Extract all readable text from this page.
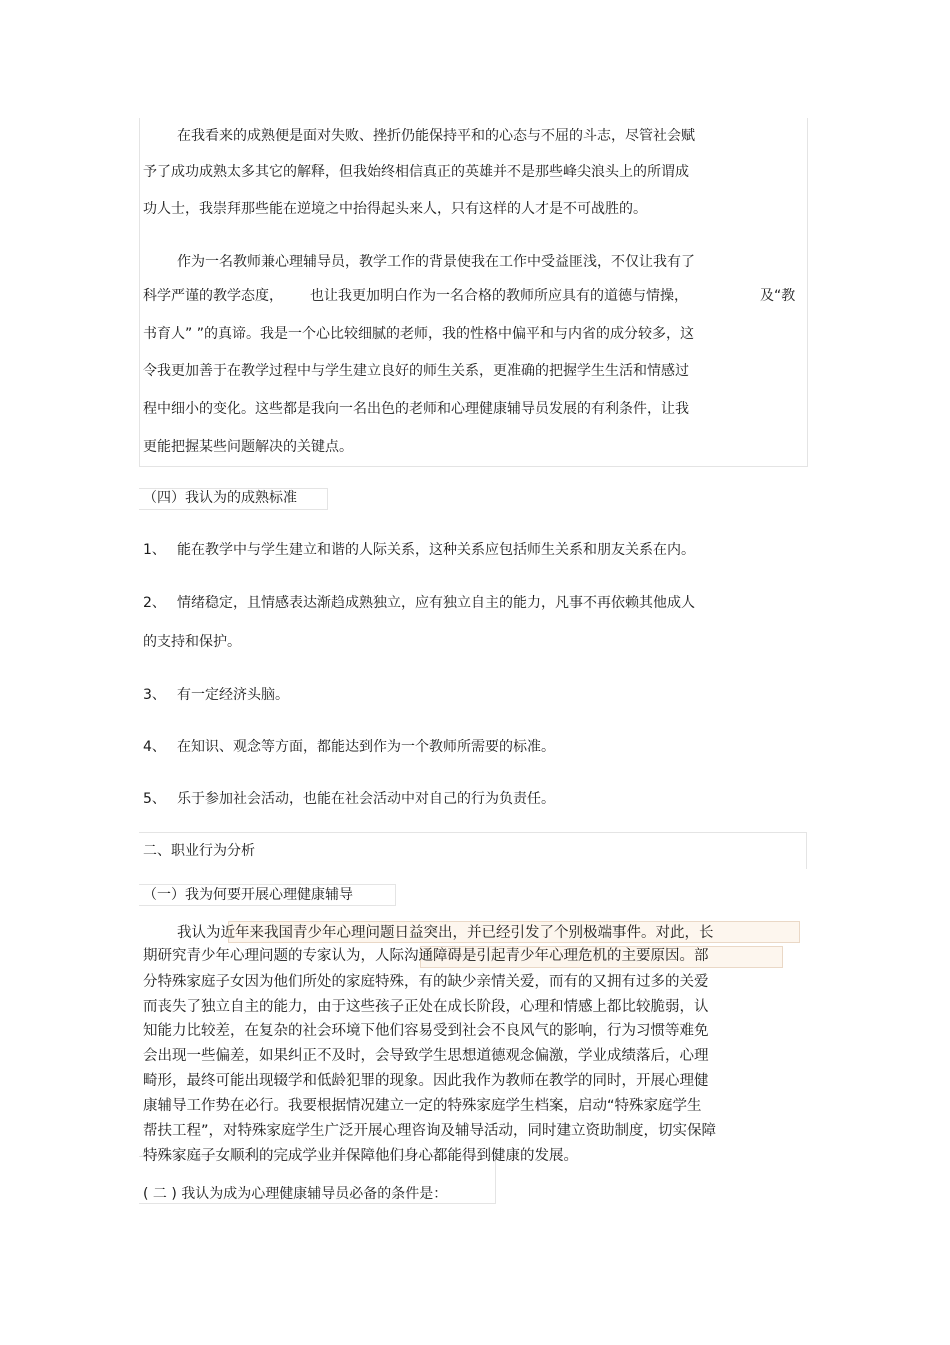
在我看来的成熟便是面对失败、挫折仍能保持平和的心态与不屈的斗志，尽管社会赋
予了成功成熟太多其它的解释，但我始终相信真正的英雄并不是那些峰尖浪头上的所谓成
功人士，我崇拜那些能在逆境之中抬得起头来人，只有这样的人才是不可战胜的。
作为一名教师兼心理辅导员，教学工作的背景使我在工作中受益匪浅，不仅让我有了
科学严谨的教学态度， 也让我更加明白作为一名合格的教师所应具有的道德与情操，	及“教
书育人” ”的真谛。我是一个心比较细腻的老师，我的性格中偏平和与内省的成分较多，这
令我更加善于在教学过程中与学生建立良好的师生关系，更准确的把握学生生活和情感过
程中细小的变化。这些都是我向一名出色的老师和心理健康辅导员发展的有利条件，让我
更能把握某些问题解决的关键点。
（四）我认为的成熟标准
1、 能在教学中与学生建立和谐的人际关系，这种关系应包括师生关系和朋友关系在内。
2、 情绪稳定，且情感表达渐趋成熟独立，应有独立自主的能力，凡事不再依赖其他成人
的支持和保护。
3、 有一定经济头脑。
4、 在知识、观念等方面，都能达到作为一个教师所需要的标准。
5、 乐于参加社会活动，也能在社会活动中对自己的行为负责任。
二、职业行为分析
（一）我为何要开展心理健康辅导
我认为近年来我国青少年心理问题日益突出，并已经引发了个别极端事件。对此，长
期研究青少年心理问题的专家认为，人际沟通障碍是引起青少年心理危机的主要原因。部
分特殊家庭子女因为他们所处的家庭特殊，有的缺少亲情关爱，而有的又拥有过多的关爱
而丧失了独立自主的能力，由于这些孩子正处在成长阶段，心理和情感上都比较脆弱，认
知能力比较差，在复杂的社会环境下他们容易受到社会不良风气的影响，行为习惯等难免
会出现一些偏差，如果纠正不及时，会导致学生思想道德观念偏激，学业成绩落后，心理
畸形，最终可能出现辍学和低龄犯罪的现象。因此我作为教师在教学的同时，开展心理健
康辅导工作势在必行。我要根据情况建立一定的特殊家庭学生档案，启动“特殊家庭学生
帮扶工程”，对特殊家庭学生广泛开展心理咨询及辅导活动，同时建立资助制度，切实保障
特殊家庭子女顺利的完成学业并保障他们身心都能得到健康的发展。
( 二 ) 我认为成为心理健康辅导员必备的条件是：
